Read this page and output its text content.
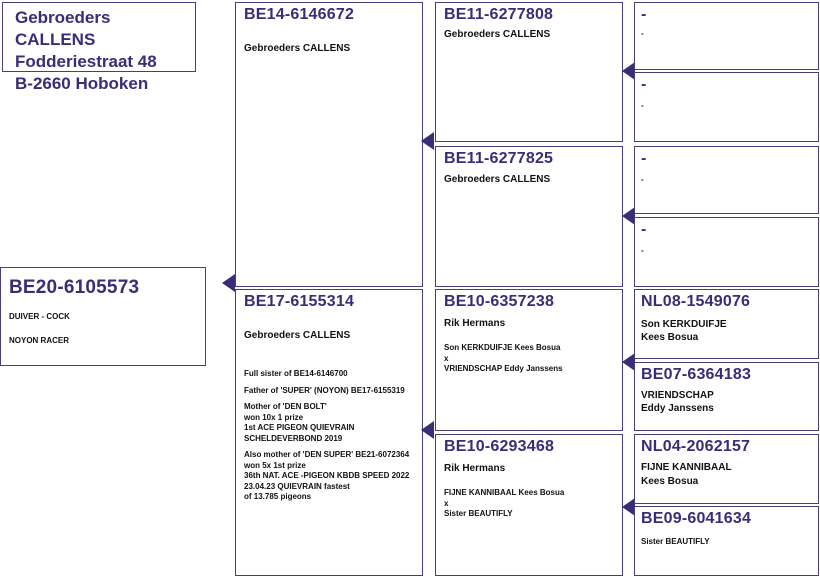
Gebroeders CALLENS
Fodderiestraat 48
B-2660 Hoboken
BE20-6105573
DUIVER - COCK
NOYON RACER
BE14-6146672
Gebroeders CALLENS
BE17-6155314
Gebroeders CALLENS
Full sister of BE14-6146700
Father of 'SUPER' (NOYON) BE17-6155319
Mother of 'DEN BOLT'
won 10x 1 prize
1st ACE PIGEON QUIEVRAIN
SCHELDEVERBOND 2019
Also mother of 'DEN SUPER' BE21-6072364
won 5x 1st prize
36th NAT. ACE -PIGEON KBDB SPEED 2022
23.04.23 QUIEVRAIN fastest
of 13.785 pigeons
BE11-6277808
Gebroeders CALLENS
BE11-6277825
Gebroeders CALLENS
BE10-6357238
Rik Hermans
Son KERKDUIFJE Kees Bosua
x
VRIENDSCHAP Eddy Janssens
BE10-6293468
Rik Hermans
FIJNE KANNIBAAL Kees Bosua
x
Sister BEAUTIFLY
-
-
-
-
-
-
-
-
NL08-1549076
Son KERKDUIFJE
Kees Bosua
BE07-6364183
VRIENDSCHAP
Eddy Janssens
NL04-2062157
FIJNE KANNIBAAL
Kees Bosua
BE09-6041634
Sister BEAUTIFLY
